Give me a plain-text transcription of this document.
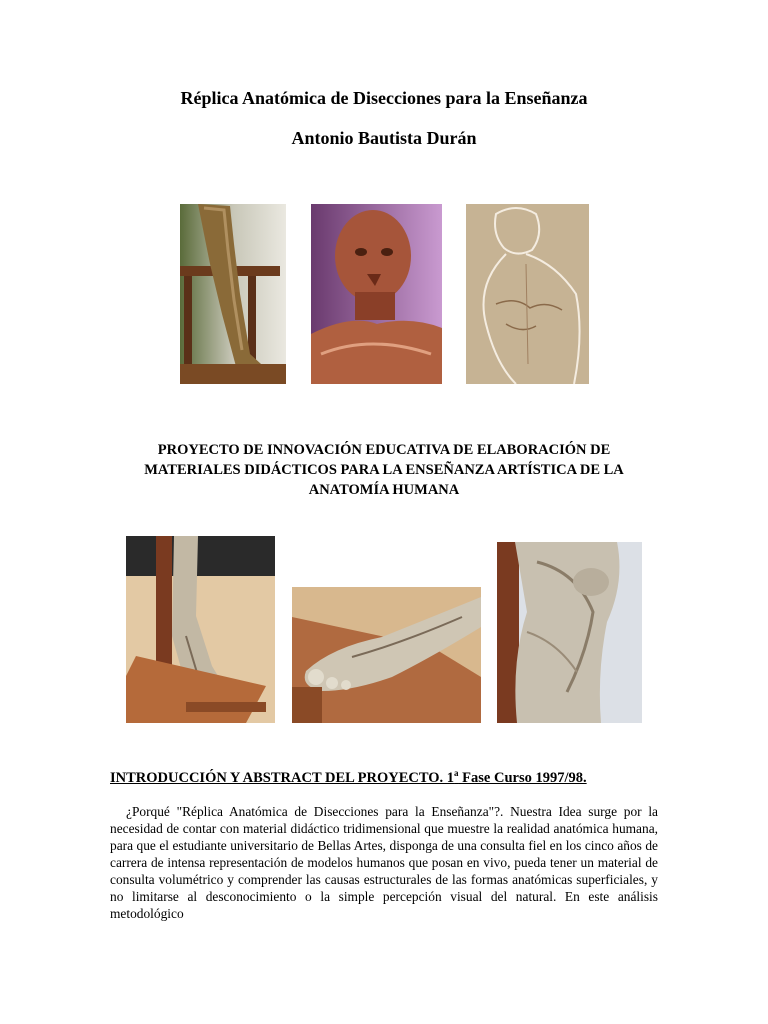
Réplica Anatómica de Disecciones para la Enseñanza
Antonio Bautista Durán

PROYECTO DE INNOVACIÓN EDUCATIVA DE ELABORACIÓN DE MATERIALES DIDÁCTICOS PARA LA ENSEÑANZA ARTÍSTICA DE LA ANATOMÍA HUMANA

INTRODUCCIÓN Y ABSTRACT DEL PROYECTO. 1$^a$ Fase Curso 1997/98.

¿Porqué "Réplica Anatómica de Disecciones para la Enseñanza"?. Nuestra Idea surge por la necesidad de contar con material didáctico tridimensional que muestre la realidad anatómica humana, para que el estudiante universitario de Bellas Artes, disponga de una consulta fiel en los cinco años de carrera de intensa representación de modelos humanos que posan en vivo, pueda tener un material de consulta volumétrico y comprender las causas estructurales de las formas anatómicas superficiales, y no limitarse al desconocimiento o la simple percepción visual del natural. En este análisis metodológico
